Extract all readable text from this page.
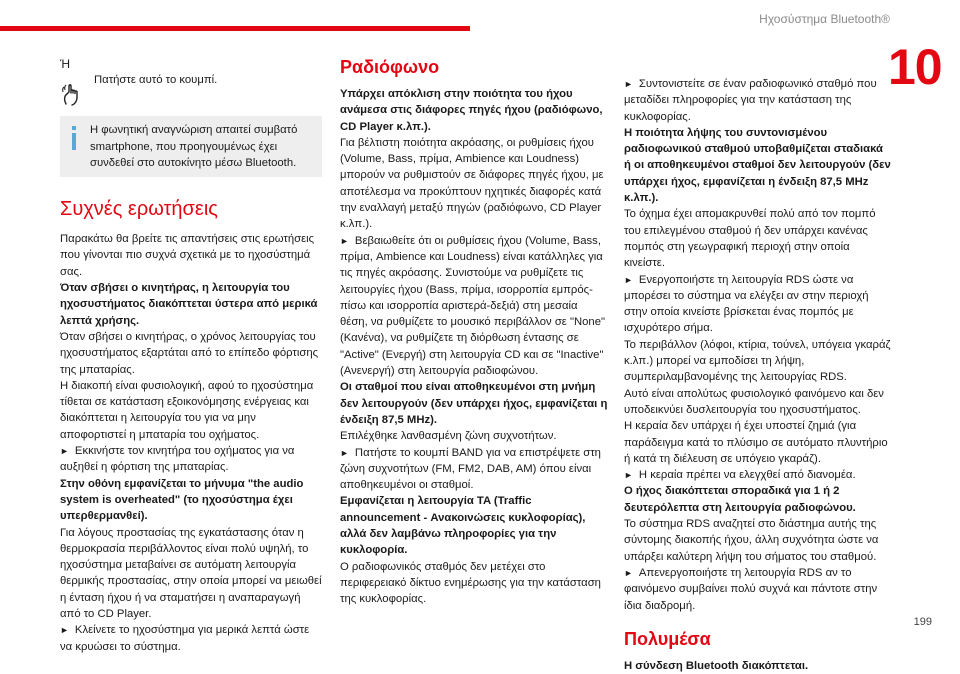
Ηχοσύστημα Bluetooth®
10

Ή

Πατήστε αυτό το κουμπί.

Η φωνητική αναγνώριση απαιτεί συμβατό smartphone, που προηγουμένως έχει συνδεθεί στο αυτοκίνητο μέσω Bluetooth.

Συχνές ερωτήσεις

Παρακάτω θα βρείτε τις απαντήσεις στις ερωτήσεις που γίνονται πιο συχνά σχετικά με το ηχοσύστημά σας.

Όταν σβήσει ο κινητήρας, η λειτουργία του ηχοσυστήματος διακόπτεται ύστερα από μερικά λεπτά χρήσης.

Όταν σβήσει ο κινητήρας, ο χρόνος λειτουργίας του ηχοσυστήματος εξαρτάται από το επίπεδο φόρτισης της μπαταρίας.

Η διακοπή είναι φυσιολογική, αφού το ηχοσύστημα τίθεται σε κατάσταση εξοικονόμησης ενέργειας και διακόπτεται η λειτουργία του για να μην αποφορτιστεί η μπαταρία του οχήματος.

► Εκκινήστε τον κινητήρα του οχήματος για να αυξηθεί η φόρτιση της μπαταρίας.

Στην οθόνη εμφανίζεται το μήνυμα "the audio system is overheated" (το ηχοσύστημα έχει υπερθερμανθεί).

Για λόγους προστασίας της εγκατάστασης όταν η θερμοκρασία περιβάλλοντος είναι πολύ υψηλή, το ηχοσύστημα μεταβαίνει σε αυτόματη λειτουργία θερμικής προστασίας, στην οποία μπορεί να μειωθεί η ένταση ήχου ή να σταματήσει η αναπαραγωγή από το CD Player.

► Κλείνετε το ηχοσύστημα για μερικά λεπτά ώστε να κρυώσει το σύστημα.

Ραδιόφωνο

Υπάρχει απόκλιση στην ποιότητα του ήχου ανάμεσα στις διάφορες πηγές ήχου (ραδιόφωνο, CD Player κ.λπ.).

Για βέλτιστη ποιότητα ακρόασης, οι ρυθμίσεις ήχου (Volume, Bass, πρίμα, Ambience και Loudness) μπορούν να ρυθμιστούν σε διάφορες πηγές ήχου, με αποτέλεσμα να προκύπτουν ηχητικές διαφορές κατά την εναλλαγή μεταξύ πηγών (ραδιόφωνο, CD Player κ.λπ.).

► Βεβαιωθείτε ότι οι ρυθμίσεις ήχου (Volume, Bass, πρίμα, Ambience και Loudness) είναι κατάλληλες για τις πηγές ακρόασης. Συνιστούμε να ρυθμίζετε τις λειτουργίες ήχου (Bass, πρίμα, ισορροπία εμπρός-πίσω και ισορροπία αριστερά-δεξιά) στη μεσαία θέση, να ρυθμίζετε το μουσικό περιβάλλον σε "None" (Κανένα), να ρυθμίζετε τη διόρθωση έντασης σε "Active" (Ενεργή) στη λειτουργία CD και σε "Inactive" (Ανενεργή) στη λειτουργία ραδιοφώνου.

Οι σταθμοί που είναι αποθηκευμένοι στη μνήμη δεν λειτουργούν (δεν υπάρχει ήχος, εμφανίζεται η ένδειξη 87,5 MHz).

Επιλέχθηκε λανθασμένη ζώνη συχνοτήτων.

► Πατήστε το κουμπί BAND για να επιστρέψετε στη ζώνη συχνοτήτων (FM, FM2, DAB, AM) όπου είναι αποθηκευμένοι οι σταθμοί.

Εμφανίζεται η λειτουργία TA (Traffic announcement - Ανακοινώσεις κυκλοφορίας), αλλά δεν λαμβάνω πληροφορίες για την κυκλοφορία.

Ο ραδιοφωνικός σταθμός δεν μετέχει στο περιφερειακό δίκτυο ενημέρωσης για την κατάσταση της κυκλοφορίας.

► Συντονιστείτε σε έναν ραδιοφωνικό σταθμό που μεταδίδει πληροφορίες για την κατάσταση της κυκλοφορίας.

Η ποιότητα λήψης του συντονισμένου ραδιοφωνικού σταθμού υποβαθμίζεται σταδιακά ή οι αποθηκευμένοι σταθμοί δεν λειτουργούν (δεν υπάρχει ήχος, εμφανίζεται η ένδειξη 87,5 MHz κ.λπ.).

Το όχημα έχει απομακρυνθεί πολύ από τον πομπό του επιλεγμένου σταθμού ή δεν υπάρχει κανένας πομπός στη γεωγραφική περιοχή στην οποία κινείστε.

► Ενεργοποιήστε τη λειτουργία RDS ώστε να μπορέσει το σύστημα να ελέγξει αν στην περιοχή στην οποία κινείστε βρίσκεται ένας πομπός με ισχυρότερο σήμα.

Το περιβάλλον (λόφοι, κτίρια, τούνελ, υπόγεια γκαράζ κ.λπ.) μπορεί να εμποδίσει τη λήψη, συμπεριλαμβανομένης της λειτουργίας RDS.

Αυτό είναι απολύτως φυσιολογικό φαινόμενο και δεν υποδεικνύει δυσλειτουργία του ηχοσυστήματος.

Η κεραία δεν υπάρχει ή έχει υποστεί ζημιά (για παράδειγμα κατά το πλύσιμο σε αυτόματο πλυντήριο ή κατά τη διέλευση σε υπόγειο γκαράζ).

► Η κεραία πρέπει να ελεγχθεί από διανομέα.

Ο ήχος διακόπτεται σποραδικά για 1 ή 2 δευτερόλεπτα στη λειτουργία ραδιοφώνου.

Το σύστημα RDS αναζητεί στο διάστημα αυτής της σύντομης διακοπής ήχου, άλλη συχνότητα ώστε να υπάρξει καλύτερη λήψη του σήματος του σταθμού.

► Απενεργοποιήστε τη λειτουργία RDS αν το φαινόμενο συμβαίνει πολύ συχνά και πάντοτε στην ίδια διαδρομή.

Πολυμέσα

Η σύνδεση Bluetooth διακόπτεται.

199
